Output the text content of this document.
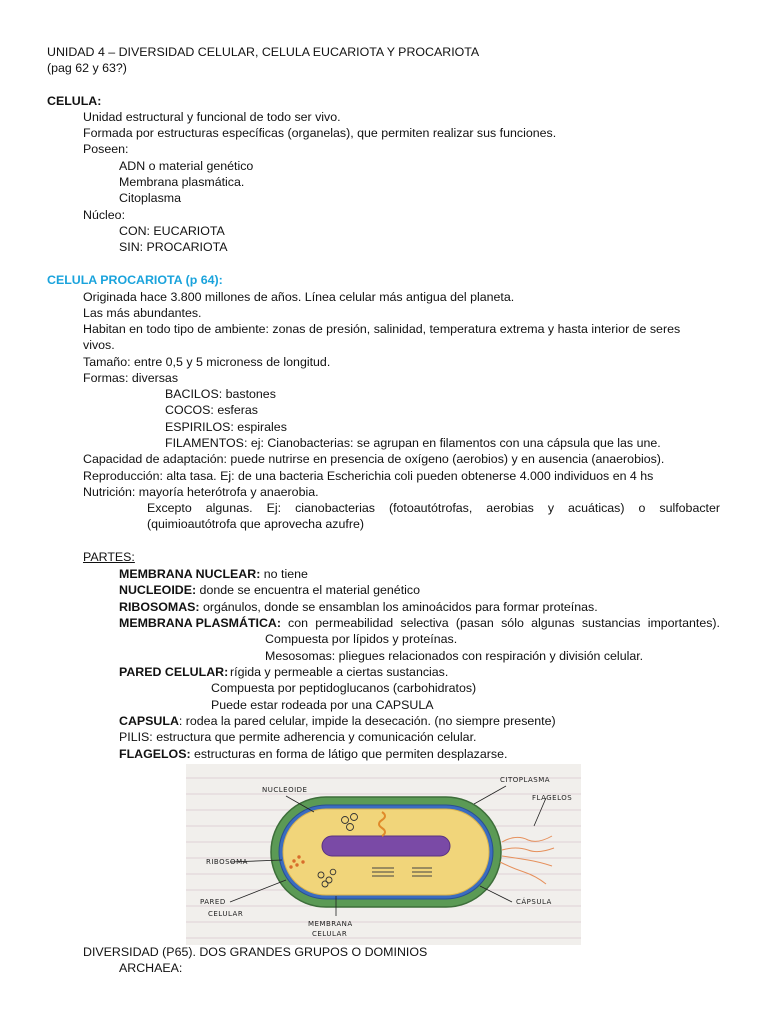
UNIDAD 4 – DIVERSIDAD CELULAR, CELULA EUCARIOTA Y PROCARIOTA
(pag 62 y 63?)
CELULA:
Unidad estructural y funcional de todo ser vivo.
Formada por estructuras específicas (organelas), que permiten realizar sus funciones.
Poseen:
ADN o material genético
Membrana plasmática.
Citoplasma
Núcleo:
CON: EUCARIOTA
SIN: PROCARIOTA
CELULA PROCARIOTA (p 64):
Originada hace 3.800 millones de años. Línea celular más antigua del planeta.
Las más abundantes.
Habitan en todo tipo de ambiente: zonas de presión, salinidad, temperatura extrema y hasta interior de seres
vivos.
Tamaño: entre 0,5 y 5 microness de longitud.
Formas: diversas
BACILOS: bastones
COCOS: esferas
ESPIRILOS: espirales
FILAMENTOS: ej: Cianobacterias: se agrupan en filamentos con una cápsula que las une.
Capacidad de adaptación: puede nutrirse en presencia de oxígeno (aerobios) y en ausencia (anaerobios).
Reproducción: alta tasa. Ej: de una bacteria Escherichia coli pueden obtenerse 4.000 individuos en 4 hs
Nutrición: mayoría heterótrofa y anaerobia.
Excepto algunas. Ej: cianobacterias (fotoautótrofas, aerobias y acuáticas) o sulfobacter
(quimioautótrofa que aprovecha azufre)
PARTES:
MEMBRANA NUCLEAR: no tiene
NUCLEOIDE: donde se encuentra el material genético
RIBOSOMAS: orgánulos, donde se ensamblan los aminoácidos para formar proteínas.
MEMBRANA PLASMÁTICA: con permeabilidad selectiva (pasan sólo algunas sustancias importantes).
Compuesta por lípidos y proteínas.
Mesosomas: pliegues relacionados con respiración y división celular.
PARED CELULAR: rígida y permeable a ciertas sustancias.
Compuesta por peptidoglucanos (carbohidratos)
Puede estar rodeada por una CAPSULA
CAPSULA: rodea la pared celular, impide la desecación. (no siempre presente)
PILIS: estructura que permite adherencia y comunicación celular.
FLAGELOS: estructuras en forma de látigo que permiten desplazarse.
NUCLEOIDE
CITOPLASMA
FLAGELOS
RIBOSOMA
PARED
CELULAR
MEMBRANA
CELULAR
CÁPSULA
DIVERSIDAD (P65). DOS GRANDES GRUPOS O DOMINIOS
ARCHAEA:
